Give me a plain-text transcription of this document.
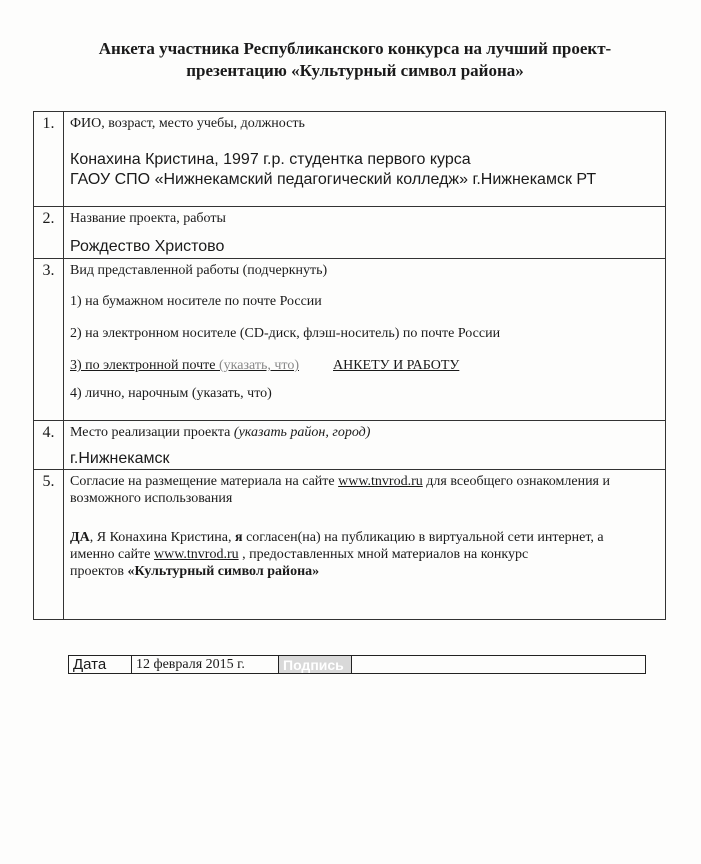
Анкета участника Республиканского конкурса на лучший проект-
презентацию «Культурный символ района»
1.	ФИО, возраст, место учебы, должность
Конахина Кристина, 1997 г.р. студентка первого курса
ГАОУ СПО «Нижнекамский педагогический колледж» г.Нижнекамск РТ

2.	Название проекта, работы
Рождество Христово

3.	Вид представленной работы (подчеркнуть)
1) на бумажном носителе по почте России
2) на электронном носителе (CD-диск, флэш-носитель) по почте России
3) по электронной почте (указать, что) АНКЕТУ И РАБОТУ
4) лично, нарочным (указать, что)

4.	Место реализации проекта (указать район, город)
г.Нижнекамск

5.	Согласие на размещение материала на сайте www.tnvrod.ru для всеобщего ознакомления и
возможного использования
ДА, Я Конахина Кристина, я согласен(на) на публикацию в виртуальной сети интернет, а
именно сайте www.tnvrod.ru , предоставленных мной материалов на конкурс
проектов «Культурный символ района»
Дата	12 февраля 2015 г.	Подпись	
